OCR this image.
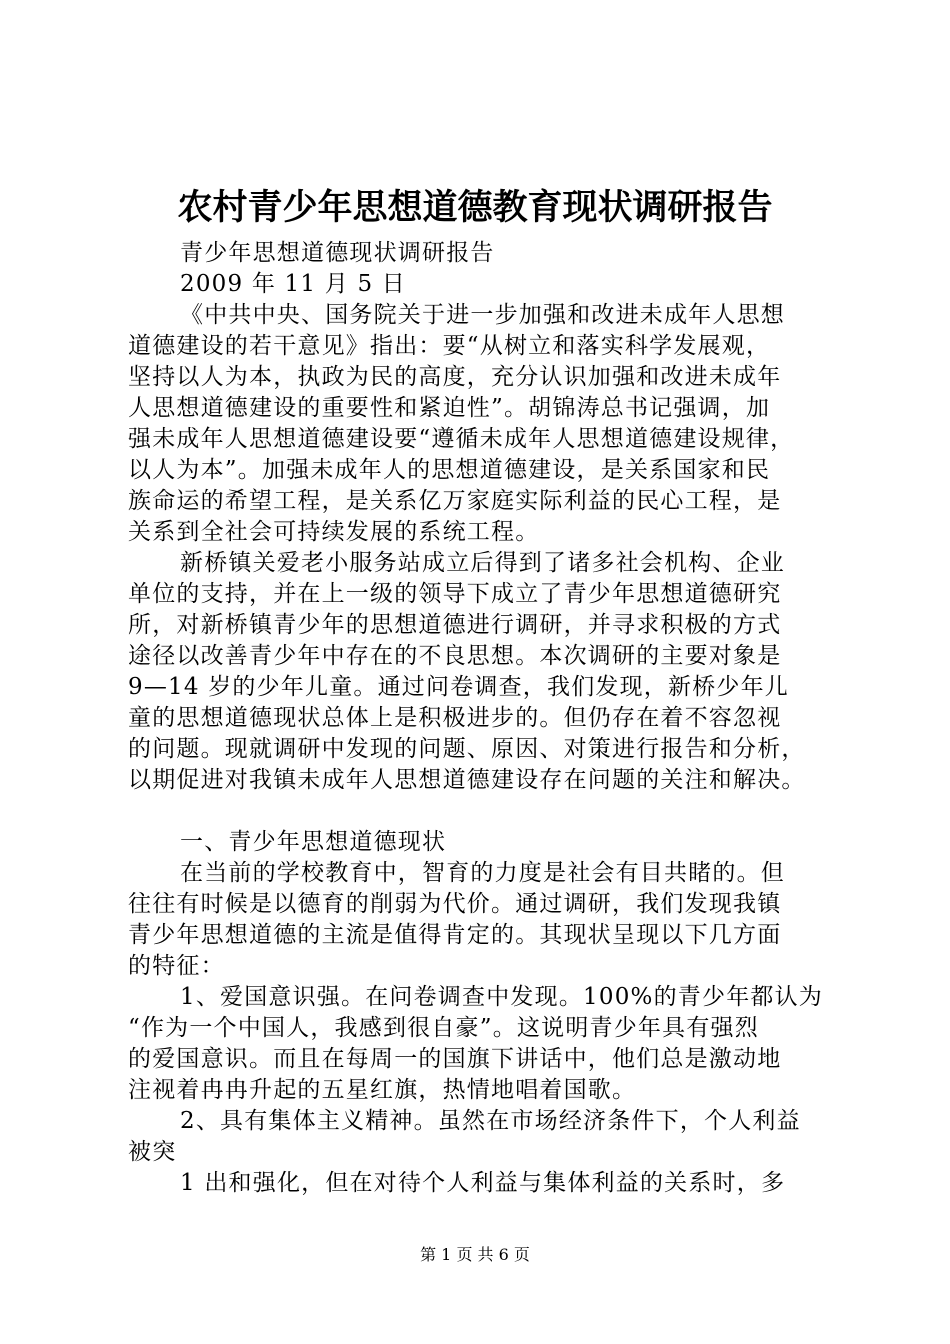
农村青少年思想道德教育现状调研报告
青少年思想道德现状调研报告
2009 年 11 月 5 日
《中共中央、国务院关于进一步加强和改进未成年人思想
道德建设的若干意见》指出：要“从树立和落实科学发展观，
坚持以人为本，执政为民的高度，充分认识加强和改进未成年
人思想道德建设的重要性和紧迫性”。胡锦涛总书记强调，加
强未成年人思想道德建设要“遵循未成年人思想道德建设规律，
以人为本”。加强未成年人的思想道德建设，是关系国家和民
族命运的希望工程，是关系亿万家庭实际利益的民心工程，是
关系到全社会可持续发展的系统工程。
新桥镇关爱老小服务站成立后得到了诸多社会机构、企业
单位的支持，并在上一级的领导下成立了青少年思想道德研究
所，对新桥镇青少年的思想道德进行调研，并寻求积极的方式
途径以改善青少年中存在的不良思想。本次调研的主要对象是
9—14 岁的少年儿童。通过问卷调查，我们发现，新桥少年儿
童的思想道德现状总体上是积极进步的。但仍存在着不容忽视
的问题。现就调研中发现的问题、原因、对策进行报告和分析，
以期促进对我镇未成年人思想道德建设存在问题的关注和解决。
一、青少年思想道德现状
在当前的学校教育中，智育的力度是社会有目共睹的。但
往往有时候是以德育的削弱为代价。通过调研，我们发现我镇
青少年思想道德的主流是值得肯定的。其现状呈现以下几方面
的特征：
1、爱国意识强。在问卷调查中发现。100%的青少年都认为
“作为一个中国人，我感到很自豪”。这说明青少年具有强烈
的爱国意识。而且在每周一的国旗下讲话中，他们总是激动地
注视着冉冉升起的五星红旗，热情地唱着国歌。
2、具有集体主义精神。虽然在市场经济条件下，个人利益
被突
1 出和强化，但在对待个人利益与集体利益的关系时，多
第 1 页 共 6 页
